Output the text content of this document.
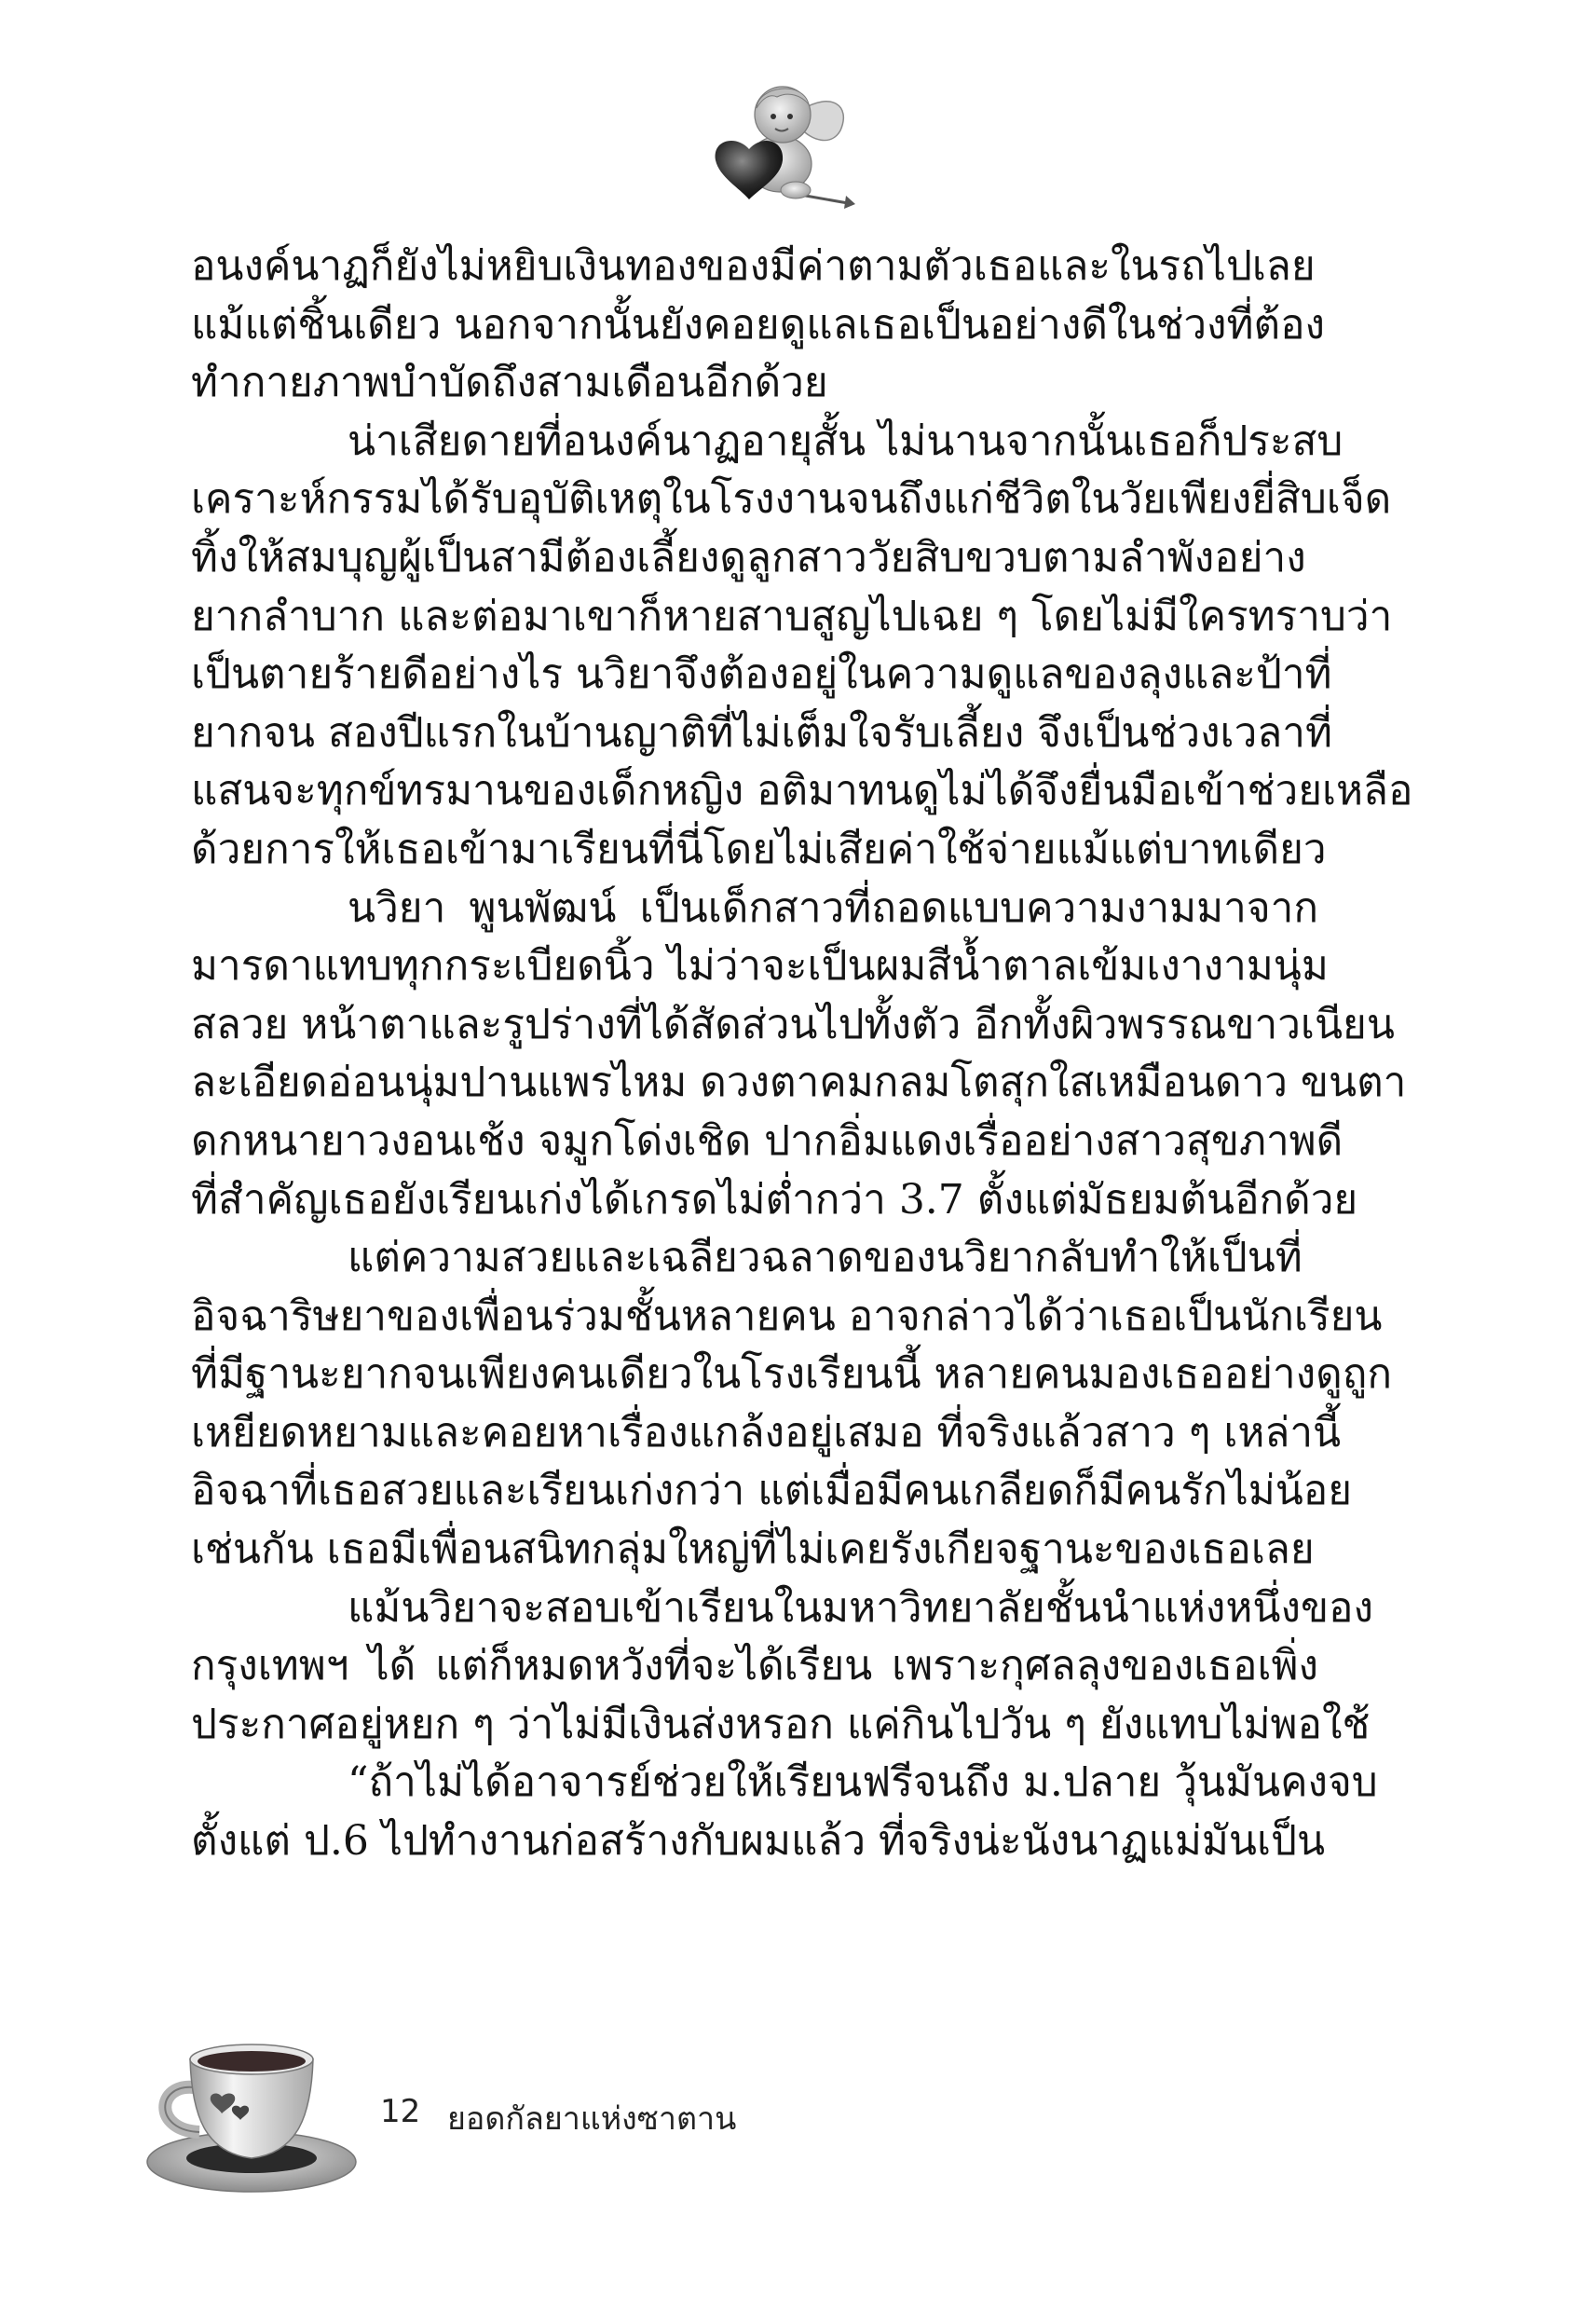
อนงค์นาฏก็ยังไม่หยิบเงินทองของมีค่าตามตัวเธอและในรถไปเลย
แม้แต่ชิ้นเดียว นอกจากนั้นยังคอยดูแลเธอเป็นอย่างดีในช่วงที่ต้อง
ทำกายภาพบำบัดถึงสามเดือนอีกด้วย
น่าเสียดายที่อนงค์นาฏอายุสั้น ไม่นานจากนั้นเธอก็ประสบ
เคราะห์กรรมได้รับอุบัติเหตุในโรงงานจนถึงแก่ชีวิตในวัยเพียงยี่สิบเจ็ด
ทิ้งให้สมบุญผู้เป็นสามีต้องเลี้ยงดูลูกสาววัยสิบขวบตามลำพังอย่าง
ยากลำบาก และต่อมาเขาก็หายสาบสูญไปเฉย ๆ โดยไม่มีใครทราบว่า
เป็นตายร้ายดีอย่างไร นวิยาจึงต้องอยู่ในความดูแลของลุงและป้าที่
ยากจน สองปีแรกในบ้านญาติที่ไม่เต็มใจรับเลี้ยง จึงเป็นช่วงเวลาที่
แสนจะทุกข์ทรมานของเด็กหญิง อติมาทนดูไม่ได้จึงยื่นมือเข้าช่วยเหลือ
ด้วยการให้เธอเข้ามาเรียนที่นี่โดยไม่เสียค่าใช้จ่ายแม้แต่บาทเดียว
นวิยา พูนพัฒน์ เป็นเด็กสาวที่ถอดแบบความงามมาจาก
มารดาแทบทุกกระเบียดนิ้ว ไม่ว่าจะเป็นผมสีน้ำตาลเข้มเงางามนุ่ม
สลวย หน้าตาและรูปร่างที่ได้สัดส่วนไปทั้งตัว อีกทั้งผิวพรรณขาวเนียน
ละเอียดอ่อนนุ่มปานแพรไหม ดวงตาคมกลมโตสุกใสเหมือนดาว ขนตา
ดกหนายาวงอนเช้ง จมูกโด่งเชิด ปากอิ่มแดงเรื่ออย่างสาวสุขภาพดี
ที่สำคัญเธอยังเรียนเก่งได้เกรดไม่ต่ำกว่า 3.7 ตั้งแต่มัธยมต้นอีกด้วย
แต่ความสวยและเฉลียวฉลาดของนวิยากลับทำให้เป็นที่
อิจฉาริษยาของเพื่อนร่วมชั้นหลายคน อาจกล่าวได้ว่าเธอเป็นนักเรียน
ที่มีฐานะยากจนเพียงคนเดียวในโรงเรียนนี้ หลายคนมองเธออย่างดูถูก
เหยียดหยามและคอยหาเรื่องแกล้งอยู่เสมอ ที่จริงแล้วสาว ๆ เหล่านี้
อิจฉาที่เธอสวยและเรียนเก่งกว่า แต่เมื่อมีคนเกลียดก็มีคนรักไม่น้อย
เช่นกัน เธอมีเพื่อนสนิทกลุ่มใหญ่ที่ไม่เคยรังเกียจฐานะของเธอเลย
แม้นวิยาจะสอบเข้าเรียนในมหาวิทยาลัยชั้นนำแห่งหนึ่งของ
กรุงเทพฯ ได้ แต่ก็หมดหวังที่จะได้เรียน เพราะกุศลลุงของเธอเพิ่ง
ประกาศอยู่หยก ๆ ว่าไม่มีเงินส่งหรอก แค่กินไปวัน ๆ ยังแทบไม่พอใช้
“ถ้าไม่ได้อาจารย์ช่วยให้เรียนฟรีจนถึง ม.ปลาย วุ้นมันคงจบ
ตั้งแต่ ป.6 ไปทำงานก่อสร้างกับผมแล้ว ที่จริงน่ะนังนาฏแม่มันเป็น
12 ยอดกัลยาแห่งซาตาน
